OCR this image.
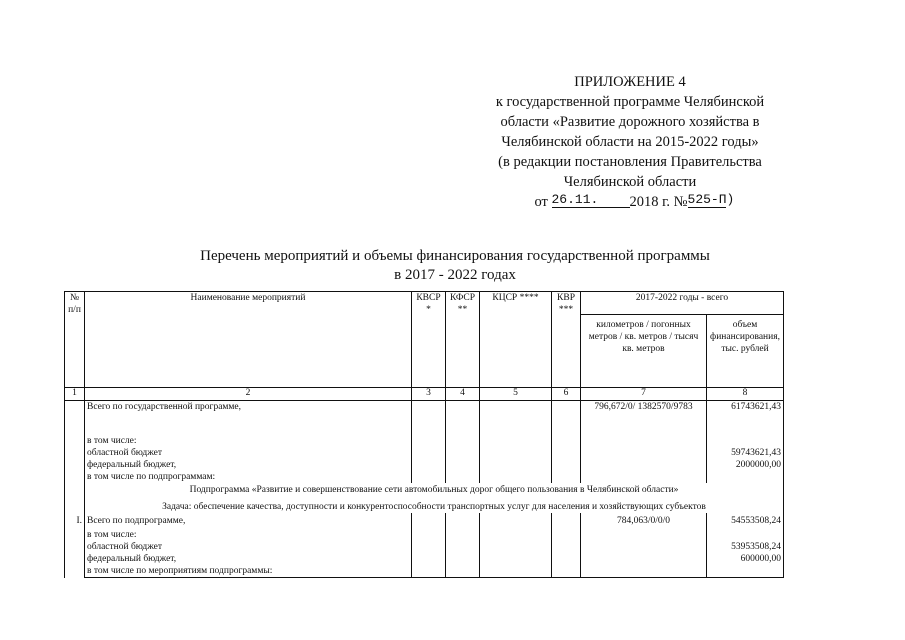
ПРИЛОЖЕНИЕ 4
к государственной программе Челябинской
области «Развитие дорожного хозяйства в
Челябинской области на 2015-2022 годы»
(в редакции постановления Правительства
Челябинской области
от 26.11. 2018 г. №525-П)
Перечень мероприятий и объемы финансирования государственной программы
в 2017 - 2022 годах
№ п/п	Наименование мероприятий	КВСР *	КФСР **	КЦСР ****	КВР ***	2017-2022 годы - всего	
						километров / погонных метров / кв. метров / тысяч кв. метров	объем финансирования, тыс. рублей
1	2	3	4	5	6	7	8
	Всего по государственной программе,					796,672/0/ 1382570/9783	61743621,43
	в том числе:						
	областной бюджет						59743621,43
	федеральный бюджет,						2000000,00
	в том числе по подпрограммам:						

	Подпрограмма «Развитие и совершенствование сети автомобильных дорог общего пользования в Челябинской области»
Задача: обеспечение качества, доступности и конкурентоспособности транспортных услуг для населения и хозяйствующих субъектов						

I.	Всего по подпрограмме,					784,063/0/0/0	54553508,24
	в том числе:						
	областной бюджет						53953508,24
	федеральный бюджет,						600000,00
	в том числе по мероприятиям подпрограммы:						
